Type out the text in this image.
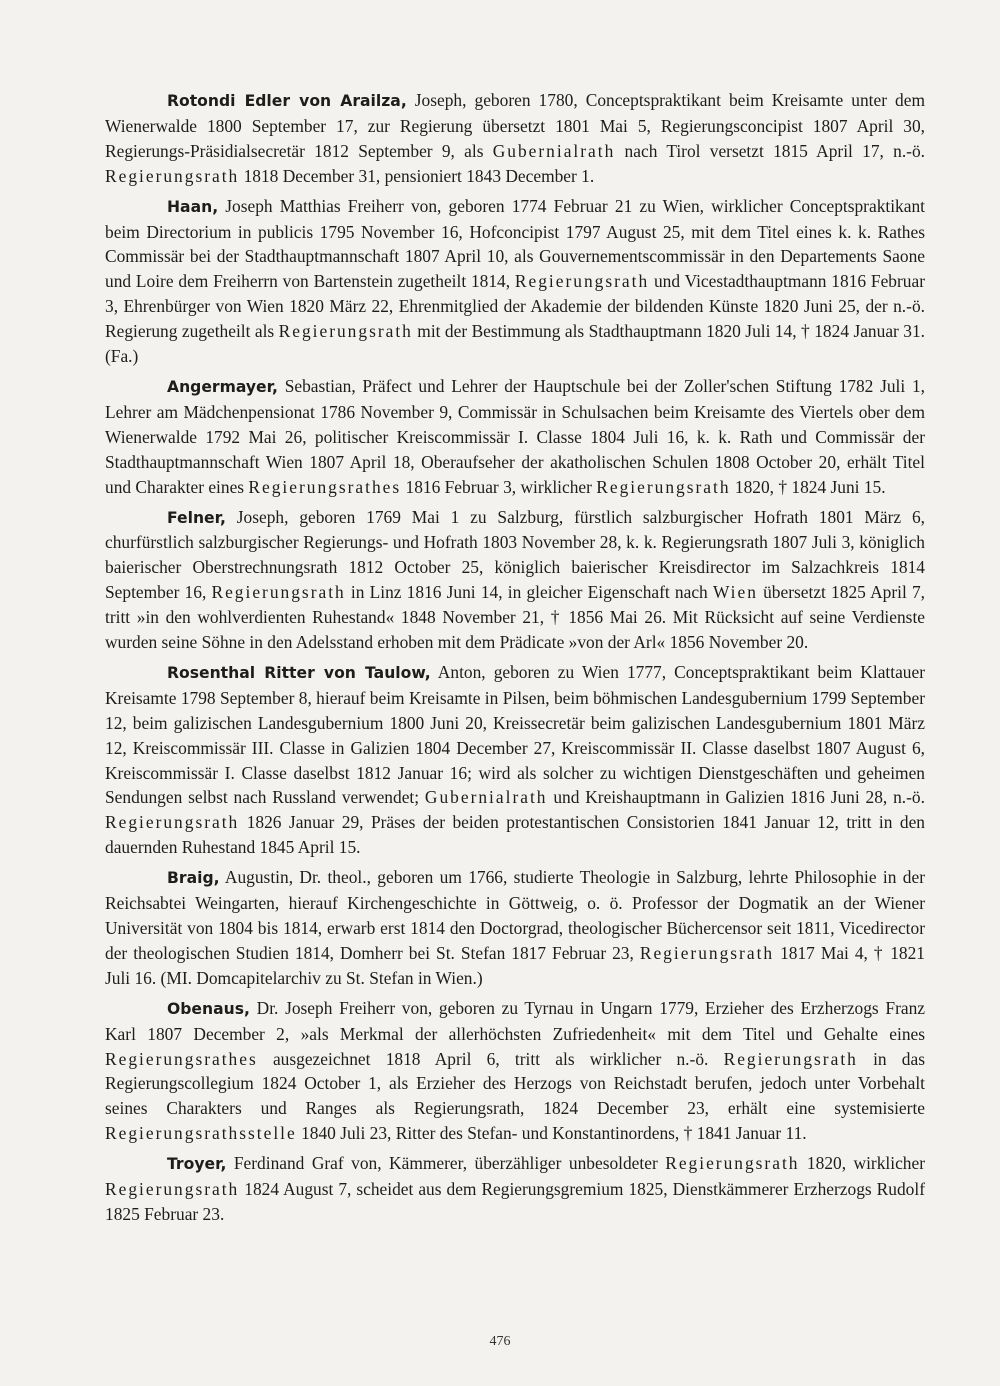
Rotondi Edler von Arailza, Joseph, geboren 1780, Conceptspraktikant beim Kreisamte unter dem Wienerwalde 1800 September 17, zur Regierung übersetzt 1801 Mai 5, Regierungsconcipist 1807 April 30, Regierungs-Präsidialsecretär 1812 September 9, als Gubernialrath nach Tirol versetzt 1815 April 17, n.-ö. Regierungsrath 1818 December 31, pensioniert 1843 December 1.

Haan, Joseph Matthias Freiherr von, geboren 1774 Februar 21 zu Wien, wirklicher Conceptspraktikant beim Directorium in publicis 1795 November 16, Hofconcipist 1797 August 25, mit dem Titel eines k. k. Rathes Commissär bei der Stadthauptmannschaft 1807 April 10, als Gouvernementscommissär in den Departements Saone und Loire dem Freiherrn von Bartenstein zugetheilt 1814, Regierungsrath und Vicestadthauptmann 1816 Februar 3, Ehrenbürger von Wien 1820 März 22, Ehrenmitglied der Akademie der bildenden Künste 1820 Juni 25, der n.-ö. Regierung zugetheilt als Regierungsrath mit der Bestimmung als Stadthauptmann 1820 Juli 14, † 1824 Januar 31. (Fa.)

Angermayer, Sebastian, Präfect und Lehrer der Hauptschule bei der Zoller'schen Stiftung 1782 Juli 1, Lehrer am Mädchenpensionat 1786 November 9, Commissär in Schulsachen beim Kreisamte des Viertels ober dem Wienerwalde 1792 Mai 26, politischer Kreiscommissär I. Classe 1804 Juli 16, k. k. Rath und Commissär der Stadthauptmannschaft Wien 1807 April 18, Oberaufseher der akatholischen Schulen 1808 October 20, erhält Titel und Charakter eines Regierungsrathes 1816 Februar 3, wirklicher Regierungsrath 1820, † 1824 Juni 15.

Felner, Joseph, geboren 1769 Mai 1 zu Salzburg, fürstlich salzburgischer Hofrath 1801 März 6, churfürstlich salzburgischer Regierungs- und Hofrath 1803 November 28, k. k. Regierungsrath 1807 Juli 3, königlich baierischer Oberstrechnungsrath 1812 October 25, königlich baierischer Kreisdirector im Salzachkreis 1814 September 16, Regierungsrath in Linz 1816 Juni 14, in gleicher Eigenschaft nach Wien übersetzt 1825 April 7, tritt »in den wohlverdienten Ruhestand« 1848 November 21, † 1856 Mai 26. Mit Rücksicht auf seine Verdienste wurden seine Söhne in den Adelsstand erhoben mit dem Prädicate »von der Arl« 1856 November 20.

Rosenthal Ritter von Taulow, Anton, geboren zu Wien 1777, Conceptspraktikant beim Klattauer Kreisamte 1798 September 8, hierauf beim Kreisamte in Pilsen, beim böhmischen Landesgubernium 1799 September 12, beim galizischen Landesgubernium 1800 Juni 20, Kreissecretär beim galizischen Landesgubernium 1801 März 12, Kreiscommissär III. Classe in Galizien 1804 December 27, Kreiscommissär II. Classe daselbst 1807 August 6, Kreiscommissär I. Classe daselbst 1812 Januar 16; wird als solcher zu wichtigen Dienstgeschäften und geheimen Sendungen selbst nach Russland verwendet; Gubernialrath und Kreishauptmann in Galizien 1816 Juni 28, n.-ö. Regierungsrath 1826 Januar 29, Präses der beiden protestantischen Consistorien 1841 Januar 12, tritt in den dauernden Ruhestand 1845 April 15.

Braig, Augustin, Dr. theol., geboren um 1766, studierte Theologie in Salzburg, lehrte Philosophie in der Reichsabtei Weingarten, hierauf Kirchengeschichte in Göttweig, o. ö. Professor der Dogmatik an der Wiener Universität von 1804 bis 1814, erwarb erst 1814 den Doctorgrad, theologischer Büchercensor seit 1811, Vicedirector der theologischen Studien 1814, Domherr bei St. Stefan 1817 Februar 23, Regierungsrath 1817 Mai 4, † 1821 Juli 16. (MI. Domcapitelarchiv zu St. Stefan in Wien.)

Obenaus, Dr. Joseph Freiherr von, geboren zu Tyrnau in Ungarn 1779, Erzieher des Erzherzogs Franz Karl 1807 December 2, »als Merkmal der allerhöchsten Zufriedenheit« mit dem Titel und Gehalte eines Regierungsrathes ausgezeichnet 1818 April 6, tritt als wirklicher n.-ö. Regierungsrath in das Regierungscollegium 1824 October 1, als Erzieher des Herzogs von Reichstadt berufen, jedoch unter Vorbehalt seines Charakters und Ranges als Regierungsrath, 1824 December 23, erhält eine systemisierte Regierungsrathsstelle 1840 Juli 23, Ritter des Stefan- und Konstantinordens, † 1841 Januar 11.

Troyer, Ferdinand Graf von, Kämmerer, überzähliger unbesoldeter Regierungsrath 1820, wirklicher Regierungsrath 1824 August 7, scheidet aus dem Regierungsgremium 1825, Dienstkämmerer Erzherzogs Rudolf 1825 Februar 23.

476
